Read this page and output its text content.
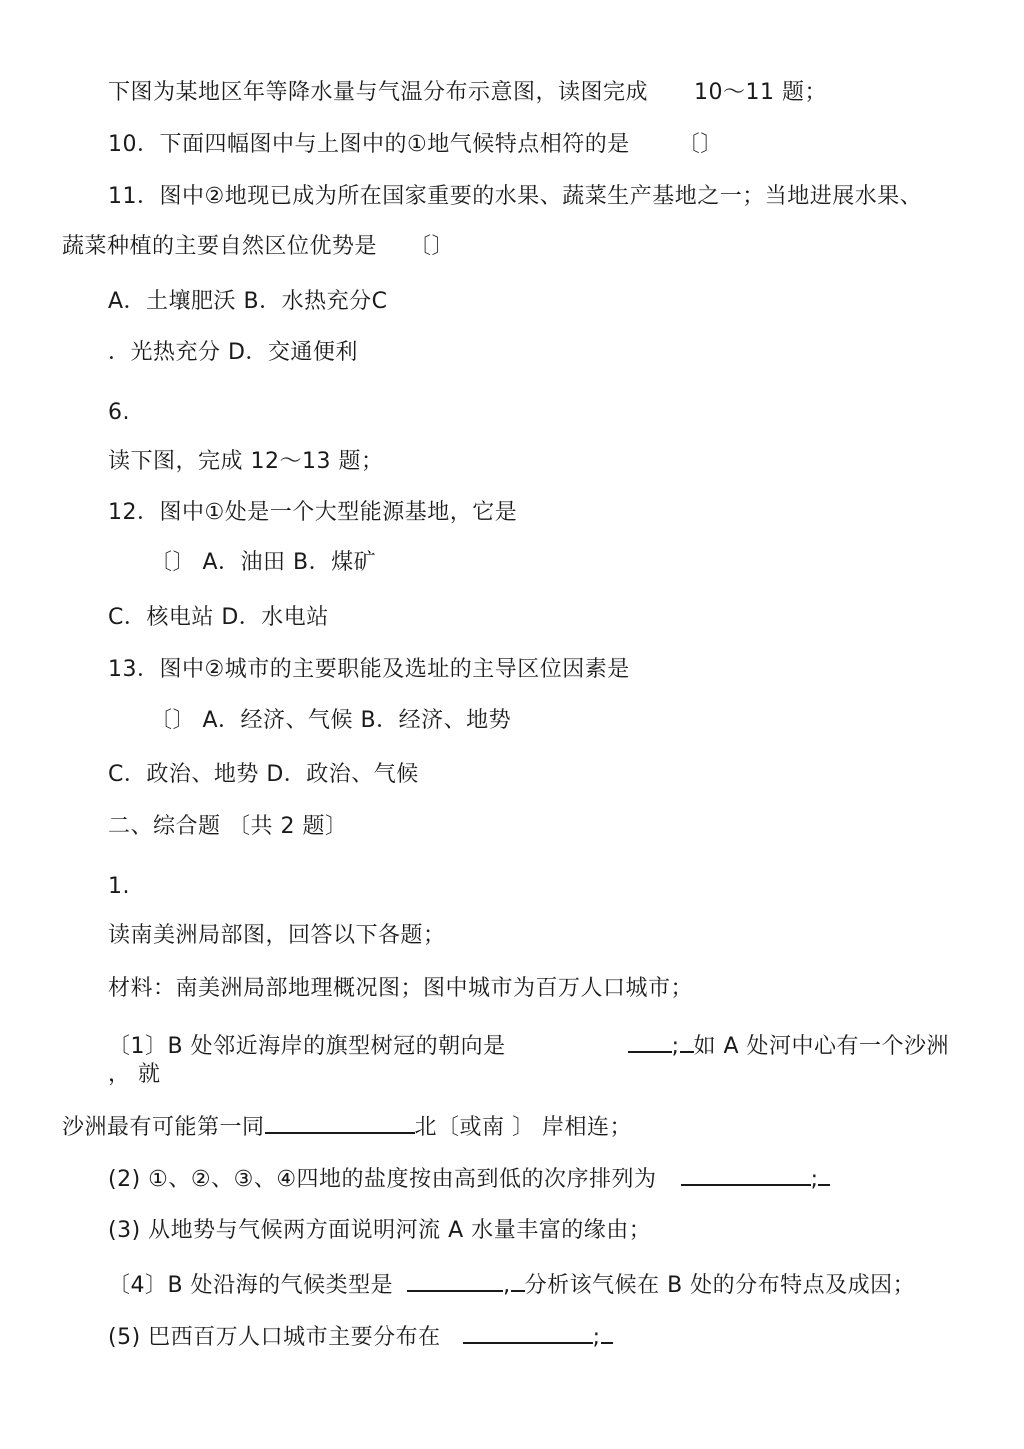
下图为某地区年等降水量与气温分布示意图，读图完成 10～11 题；
10．下面四幅图中与上图中的①地气候特点相符的是 〔〕
11．图中②地现已成为所在国家重要的水果、蔬菜生产基地之一；当地进展水果、
蔬菜种植的主要自然区位优势是 〔〕
A．土壤肥沃 B．水热充分C
．光热充分 D．交通便利
6.
读下图，完成 12～13 题；
12．图中①处是一个大型能源基地，它是
〔〕 A．油田 B．煤矿
C．核电站 D．水电站
13．图中②城市的主要职能及选址的主导区位因素是
〔〕 A．经济、气候 B．经济、地势
C．政治、地势 D．政治、气候
二、综合题 〔共 2 题〕
1.
读南美洲局部图，回答以下各题；
材料：南美洲局部地理概况图；图中城市为百万人口城市；
〔1〕B 处邻近海岸的旗型树冠的朝向是	; 如 A 处河中心有一个沙洲
， 就
沙洲最有可能第一同	北〔或南 〕 岸相连；
(2) ①、②、③、④四地的盐度按由高到低的次序排列为	;
(3) 从地势与气候两方面说明河流 A 水量丰富的缘由；
〔4〕B 处沿海的气候类型是	, 分析该气候在 B 处的分布特点及成因；
(5) 巴西百万人口城市主要分布在	;
